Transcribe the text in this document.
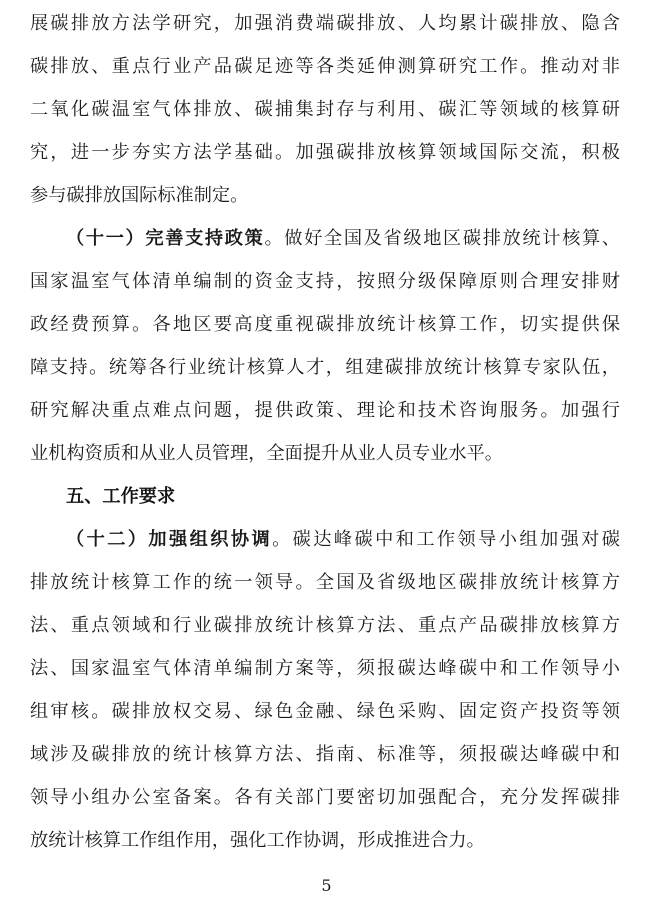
展碳排放方法学研究，加强消费端碳排放、人均累计碳排放、隐含
碳排放、重点行业产品碳足迹等各类延伸测算研究工作。推动对非
二氧化碳温室气体排放、碳捕集封存与利用、碳汇等领域的核算研
究，进一步夯实方法学基础。加强碳排放核算领域国际交流，积极
参与碳排放国际标准制定。
（十一）完善支持政策。做好全国及省级地区碳排放统计核算、
国家温室气体清单编制的资金支持，按照分级保障原则合理安排财
政经费预算。各地区要高度重视碳排放统计核算工作，切实提供保
障支持。统筹各行业统计核算人才，组建碳排放统计核算专家队伍，
研究解决重点难点问题，提供政策、理论和技术咨询服务。加强行
业机构资质和从业人员管理，全面提升从业人员专业水平。
五、工作要求
（十二）加强组织协调。碳达峰碳中和工作领导小组加强对碳
排放统计核算工作的统一领导。全国及省级地区碳排放统计核算方
法、重点领域和行业碳排放统计核算方法、重点产品碳排放核算方
法、国家温室气体清单编制方案等，须报碳达峰碳中和工作领导小
组审核。碳排放权交易、绿色金融、绿色采购、固定资产投资等领
域涉及碳排放的统计核算方法、指南、标准等，须报碳达峰碳中和
领导小组办公室备案。各有关部门要密切加强配合，充分发挥碳排
放统计核算工作组作用，强化工作协调，形成推进合力。
5
